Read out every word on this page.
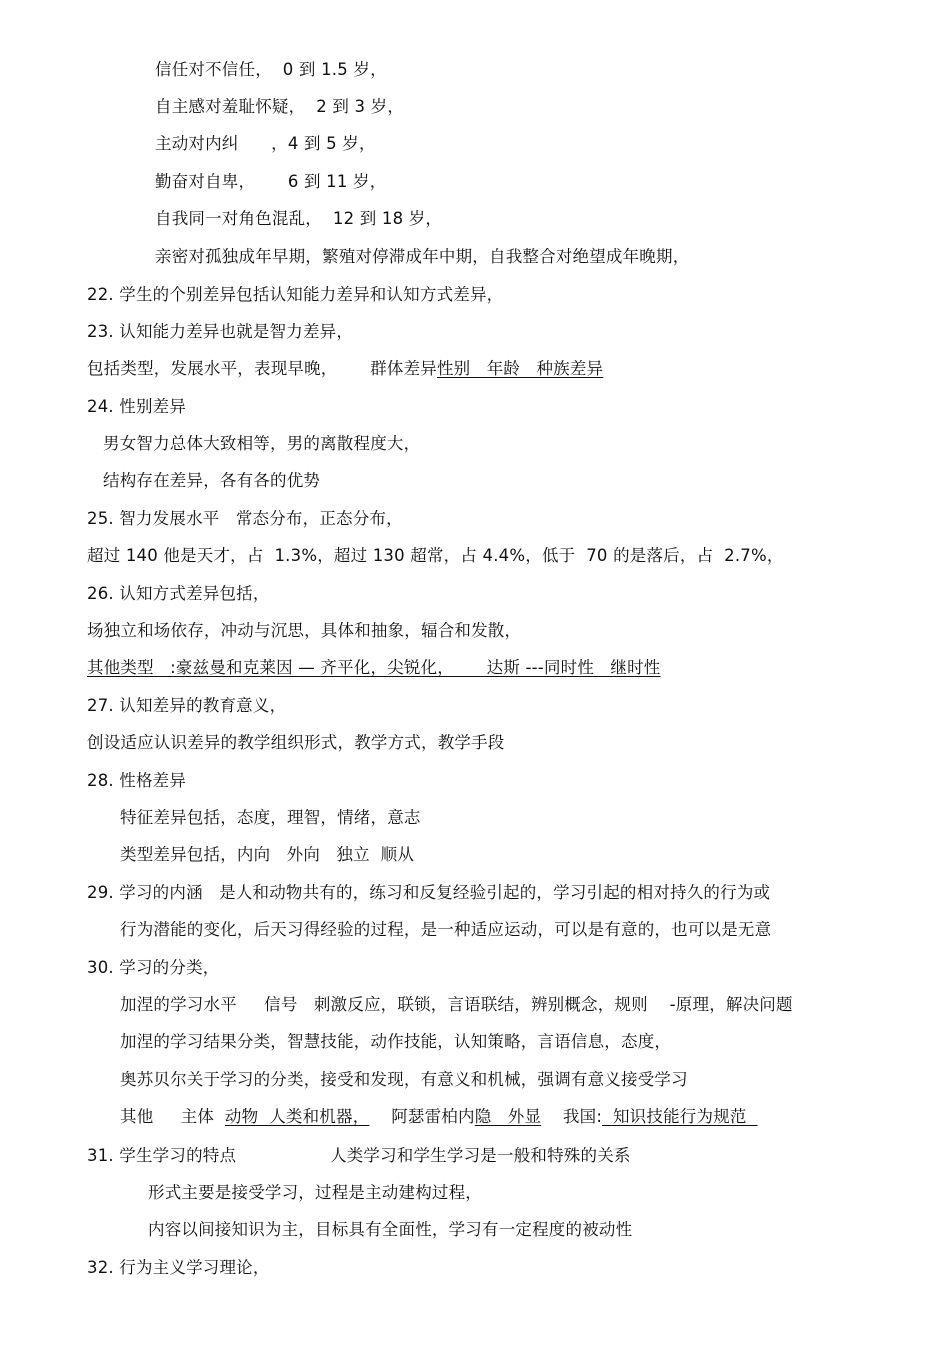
信任对不信任，  0 到 1.5 岁，
自主感对羞耻怀疑，  2 到 3 岁，
主动对内纠      ，4 到 5 岁，
勤奋对自卑，      6 到 11 岁，
自我同一对角色混乱，  12 到 18 岁，
亲密对孤独成年早期，繁殖对停滞成年中期，自我整合对绝望成年晚期，
22. 学生的个别差异包括认知能力差异和认知方式差异，
23. 认知能力差异也就是智力差异，
包括类型，发展水平，表现早晚，      群体差异性别   年龄   种族差异
24. 性别差异
男女智力总体大致相等，男的离散程度大，
结构存在差异，各有各的优势
25. 智力发展水平   常态分布，正态分布，
超过 140 他是天才，占  1.3%，超过 130 超常，占 4.4%，低于  70 的是落后，占  2.7%，
26. 认知方式差异包括，
场独立和场依存，冲动与沉思，具体和抽象，辐合和发散，
其他类型   :豪兹曼和克莱因 — 齐平化，尖锐化，      达斯 ---同时性   继时性
27. 认知差异的教育意义，
创设适应认识差异的教学组织形式，教学方式，教学手段
28. 性格差异
特征差异包括，态度，理智，情绪，意志
类型差异包括，内向   外向   独立  顺从
29. 学习的内涵   是人和动物共有的，练习和反复经验引起的，学习引起的相对持久的行为或
行为潜能的变化，后天习得经验的过程，是一种适应运动，可以是有意的，也可以是无意
30. 学习的分类，
加涅的学习水平     信号   刺激反应，联锁，言语联结，辨别概念，规则    -原理，解决问题
加涅的学习结果分类，智慧技能，动作技能，认知策略，言语信息，态度，
奥苏贝尔关于学习的分类，接受和发现，有意义和机械，强调有意义接受学习
其他     主体  动物  人类和机器，    阿瑟雷柏内隐   外显    我国:  知识技能行为规范
31. 学生学习的特点	人类学习和学生学习是一般和特殊的关系
形式主要是接受学习，过程是主动建构过程，
内容以间接知识为主，目标具有全面性，学习有一定程度的被动性
32. 行为主义学习理论，
